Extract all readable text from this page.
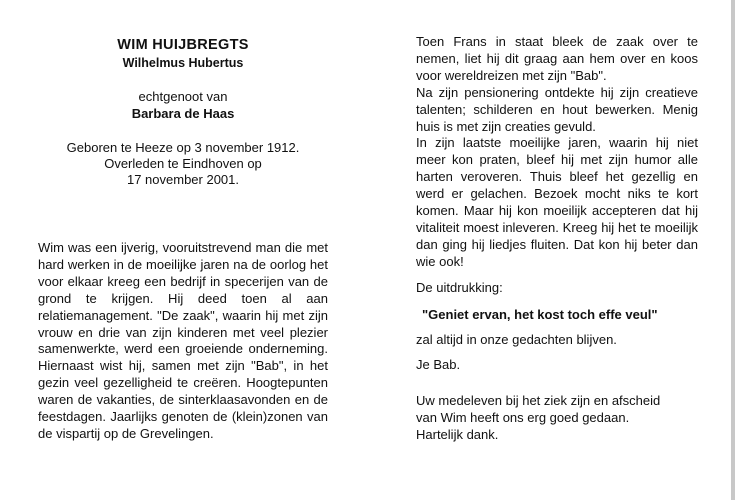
WIM HUIJBREGTS
Wilhelmus Hubertus
echtgenoot van
Barbara de Haas
Geboren te Heeze op 3 november 1912.
Overleden te Eindhoven op
17 november 2001.
Wim was een ijverig, vooruitstrevend man die met hard werken in de moeilijke jaren na de oorlog het voor elkaar kreeg een bedrijf in specerijen van de grond te krijgen. Hij deed toen al aan relatiemanagement. "De zaak", waarin hij met zijn vrouw en drie van zijn kinderen met veel plezier samenwerkte, werd een groeiende onderneming. Hiernaast wist hij, samen met zijn "Bab", in het gezin veel gezelligheid te creëren. Hoogtepunten waren de vakanties, de sinterklaasavonden en de feestdagen. Jaarlijks genoten de (klein)zonen van de vispartij op de Grevelingen.
Toen Frans in staat bleek de zaak over te nemen, liet hij dit graag aan hem over en koos voor wereldreizen met zijn "Bab".
Na zijn pensionering ontdekte hij zijn creatieve talenten; schilderen en hout bewerken. Menig huis is met zijn creaties gevuld.
In zijn laatste moeilijke jaren, waarin hij niet meer kon praten, bleef hij met zijn humor alle harten veroveren. Thuis bleef het gezellig en werd er gelachen. Bezoek mocht niks te kort komen. Maar hij kon moeilijk accepteren dat hij vitaliteit moest inleveren. Kreeg hij het te moeilijk dan ging hij liedjes fluiten. Dat kon hij beter dan wie ook!
De uitdrukking:
"Geniet ervan, het kost toch effe veul"
zal altijd in onze gedachten blijven.
Je Bab.
Uw medeleven bij het ziek zijn en afscheid
van Wim heeft ons erg goed gedaan.
Hartelijk dank.
